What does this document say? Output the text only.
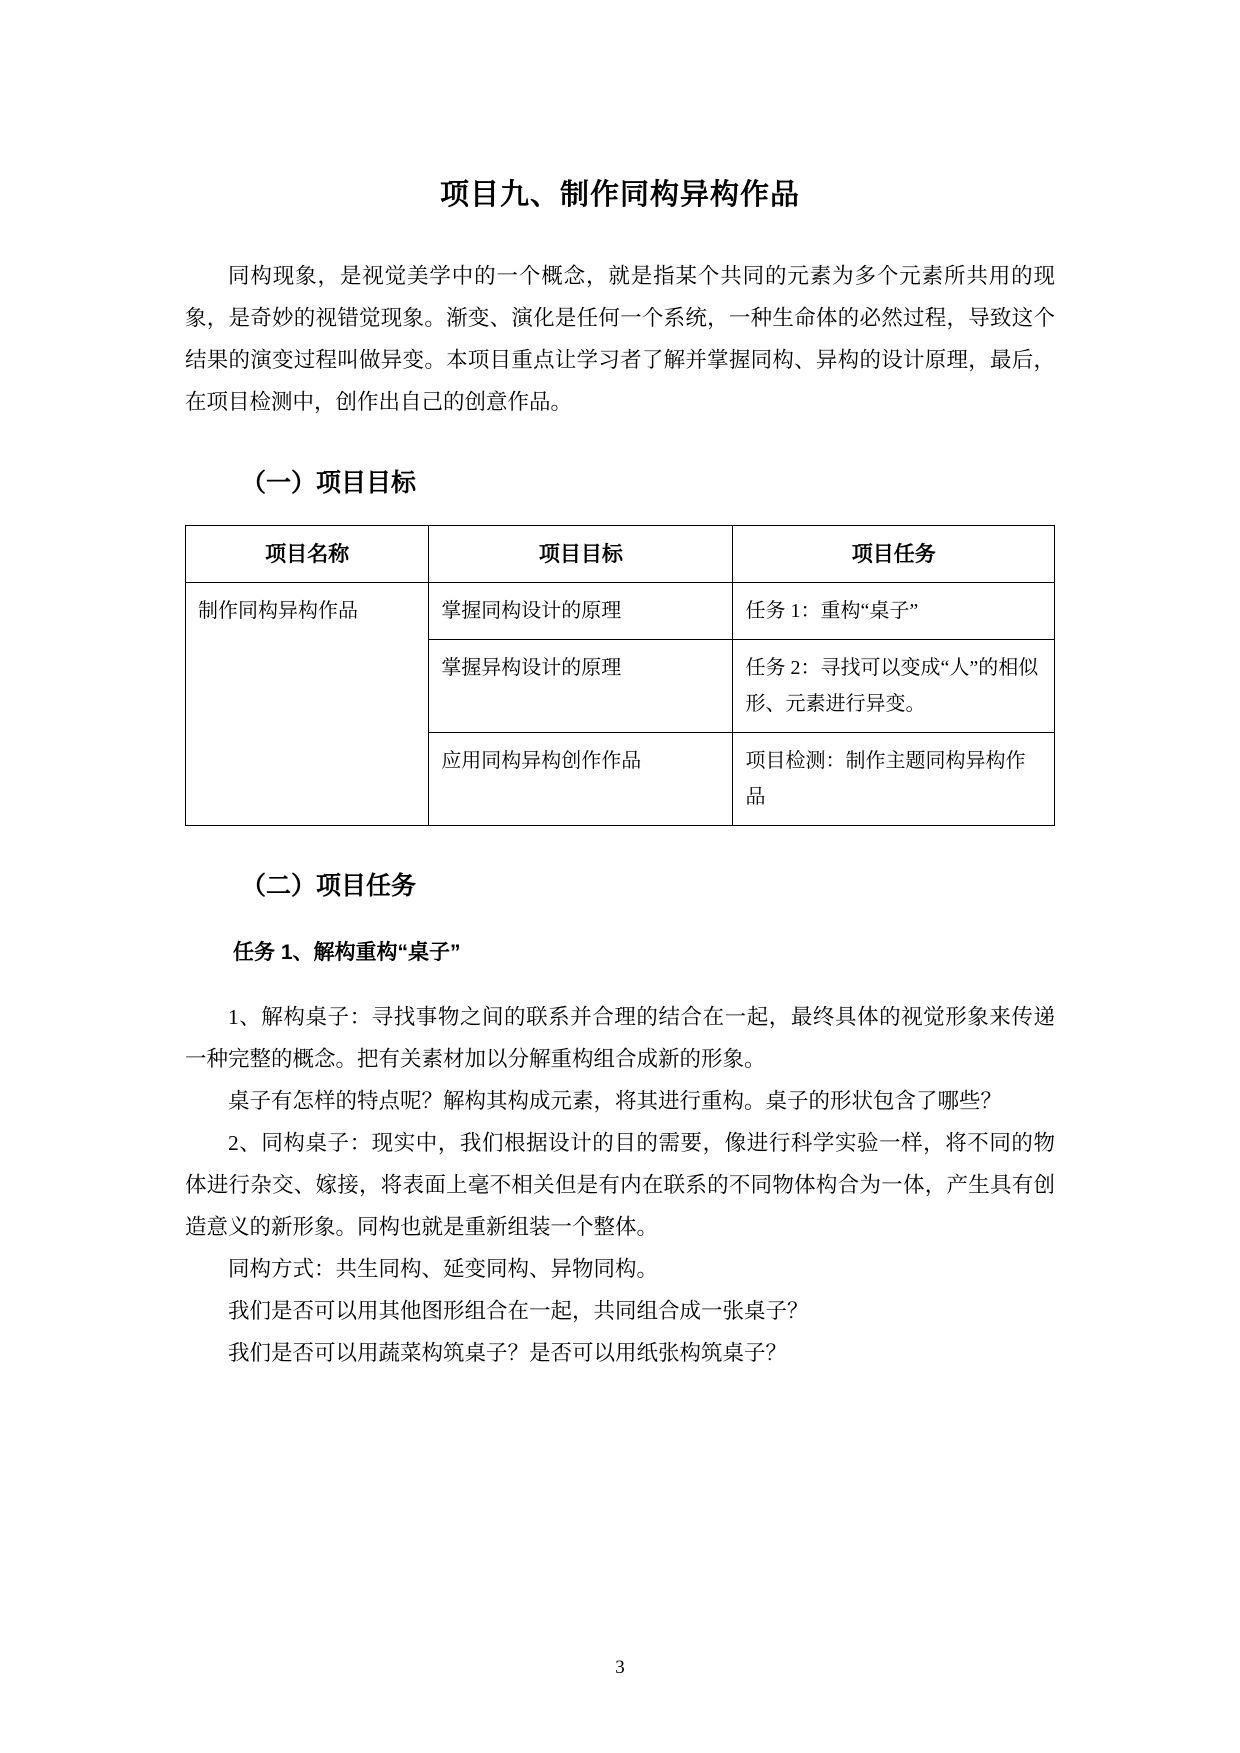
项目九、制作同构异构作品

同构现象，是视觉美学中的一个概念，就是指某个共同的元素为多个元素所共用的现象，是奇妙的视错觉现象。渐变、演化是任何一个系统，一种生命体的必然过程，导致这个结果的演变过程叫做异变。本项目重点让学习者了解并掌握同构、异构的设计原理，最后，在项目检测中，创作出自己的创意作品。

（一）项目目标
项目名称	项目目标	项目任务
制作同构异构作品	掌握同构设计的原理	任务 1：重构“桌子”
	掌握异构设计的原理	任务 2：寻找可以变成“人”的相似形、元素进行异变。
	应用同构异构创作作品	项目检测：制作主题同构异构作品
（二）项目任务
任务 1、解构重构“桌子”

1、解构桌子：寻找事物之间的联系并合理的结合在一起，最终具体的视觉形象来传递一种完整的概念。把有关素材加以分解重构组合成新的形象。

桌子有怎样的特点呢？解构其构成元素，将其进行重构。桌子的形状包含了哪些？

2、同构桌子：现实中，我们根据设计的目的需要，像进行科学实验一样，将不同的物体进行杂交、嫁接，将表面上毫不相关但是有内在联系的不同物体构合为一体，产生具有创造意义的新形象。同构也就是重新组装一个整体。

同构方式：共生同构、延变同构、异物同构。

我们是否可以用其他图形组合在一起，共同组合成一张桌子？

我们是否可以用蔬菜构筑桌子？是否可以用纸张构筑桌子？

3
